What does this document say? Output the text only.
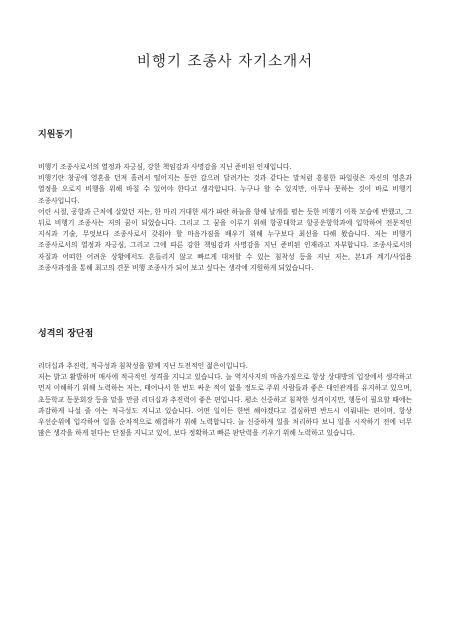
비행기 조종사 자기소개서
지원동기

비행기 조종사로서의 열정과 자긍심, 강한 책임감과 사명감을 지닌 준비된 인재입니다.

비행기란 창공에 영혼을 던져 흘려서 떨어지는 동안 감으려 달려가는 것과 같다는 말처럼 흥륭한 파일럿은 자신의 영혼과 열정을 오로지 비행을 위해 바칠 수 있어야 한다고 생각합니다. 누구나 할 수 있지만, 아무나 못하는 것이 바로 비행기 조종사입니다.

어린 시절, 공항과 근처에 살았던 저는, 한 마리 거대한 새가 파란 하늘을 향해 날개를 펼는 듯한 비행기 이륙 모습에 반했고, 그 뒤로 비행기 조종사는 저의 꿈이 되었습니다. 그리고 그 꿈을 이루기 위해 항공대학교 항공운항학과에 입학하여 전문적인 지식과 기술, 무엇보다 조종사로서 갖춰야 할 마음가짐을 배우기 위해 누구보다 최선을 다해 왔습니다. 저는 비행기 조종사로서의 열정과 자긍심, 그리고 그에 따른 강한 책임감과 사명감을 지닌 준비된 인재라고 자부합니다. 조종사로서의 자질과 어떠한 어려운 상황에서도 흔들리지 않고 빠르게 대처할 수 있는 침착성 등을 지닌 저는, 본1과 계기/사업용 조종사과정을 통해 최고의 견문 비행 조종사가 되어 보고 싶다는 생각에 지원하게 되었습니다.

성격의 장단점

리더십과 추진력, 적극성과 침착성을 함께 지닌 도전적인 젊은이입니다.

저는 밝고 활발하며 매사에 적극적인 성격을 지니고 있습니다. 늘 역지사지의 마음가짐으로 항상 상대방의 입장에서 생각하고 먼저 이해하기 위해 노력하는 저는, 태어나서 한 번도 싸운 적이 없을 정도로 주위 사람들과 좋은 대인관계를 유지하고 있으며, 초등학교 동문회장 등을 맡을 만큼 리더십과 추진력이 좋은 편입니다. 평소 신중하고 침착한 성격이지만, 행동이 필요할 때에는 과감하게 나설 줄 아는 적극성도 지니고 있습니다. 어떤 일이든 한번 해야겠다고 결심하면 반드시 이뤄내는 편이며, 항상 우선순위에 입각하여 일을 순차적으로 해결하기 위해 노력합니다. 늘 신중하게 일을 처리하다 보니 일을 시작하기 전에 너무 많은 생각을 하게 된다는 단점을 지니고 있어, 보다 정확하고 빠른 판단력을 키우기 위해 노력하고 있습니다.
